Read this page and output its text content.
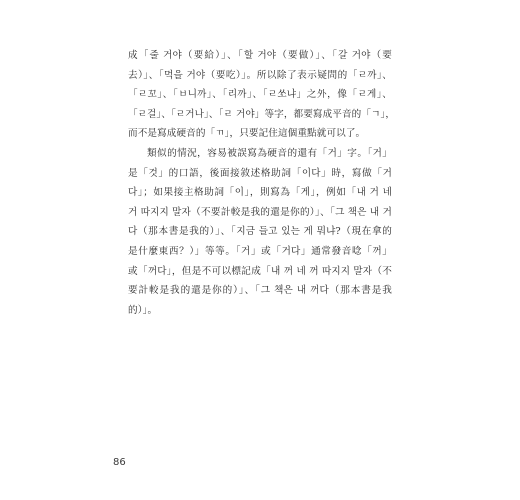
成「줄 거야（要給）」、「할 거야（要做）」、「갈 거야（要
去）」、「먹을 거야（要吃）」。所以除了表示疑問的「ㄹ까」、
「ㄹ꼬」、「ㅂ니까」、「리까」、「ㄹ쏘냐」之外，像「ㄹ게」、
「ㄹ걸」、「ㄹ거나」、「ㄹ 거야」等字，都要寫成平音的「ㄱ」，
而不是寫成硬音的「ㄲ」，只要記住這個重點就可以了。

類似的情況，容易被誤寫為硬音的還有「거」字。「거」
是「것」的口語，後面接敘述格助詞「이다」時，寫做「거
다」；如果接主格助詞「이」，則寫為「게」，例如「내 거 네
거 따지지 말자（不要計較是我的還是你的）」、「그 책은 내 거
다（那本書是我的）」、「지금 들고 있는 게 뭐냐?（現在拿的
是什麼東西？）」等等。「거」或「거다」通常發音唸「꺼」
或「꺼다」，但是不可以標記成「내 꺼 네 꺼 따지지 말자（不
要計較是我的還是你的）」、「그 책은 내 꺼다（那本書是我
的）」。

86
